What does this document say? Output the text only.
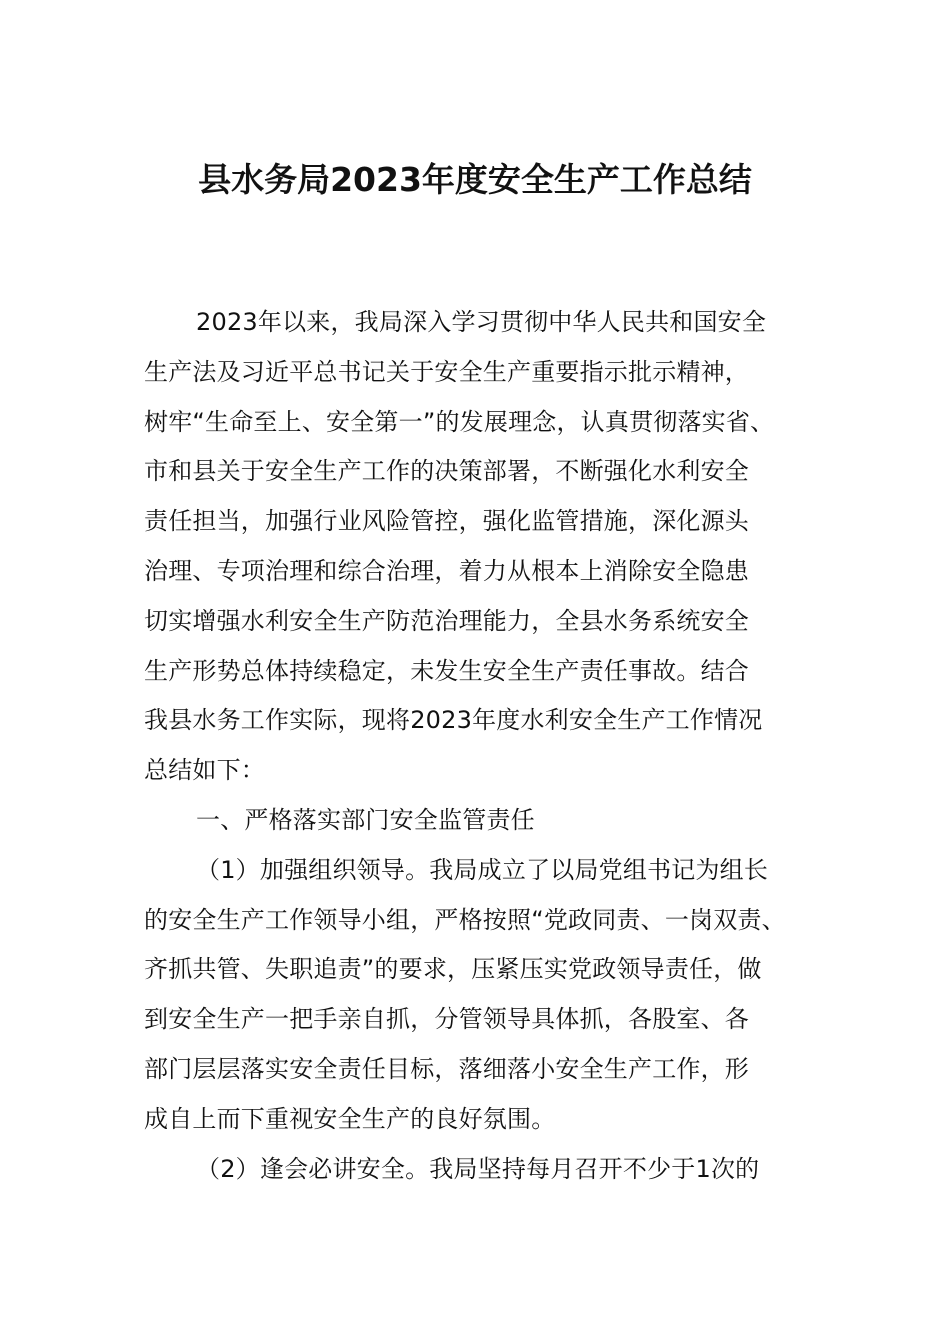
县水务局2023年度安全生产工作总结
2023年以来，我局深入学习贯彻中华人民共和国安全
生产法及习近平总书记关于安全生产重要指示批示精神，
树牢“生命至上、安全第一”的发展理念，认真贯彻落实省、
市和县关于安全生产工作的决策部署，不断强化水利安全
责任担当，加强行业风险管控，强化监管措施，深化源头
治理、专项治理和综合治理，着力从根本上消除安全隐患
切实增强水利安全生产防范治理能力，全县水务系统安全
生产形势总体持续稳定，未发生安全生产责任事故。结合
我县水务工作实际，现将2023年度水利安全生产工作情况
总结如下：
一、严格落实部门安全监管责任
（1）加强组织领导。我局成立了以局党组书记为组长
的安全生产工作领导小组，严格按照“党政同责、一岗双责、
齐抓共管、失职追责”的要求，压紧压实党政领导责任，做
到安全生产一把手亲自抓，分管领导具体抓，各股室、各
部门层层落实安全责任目标，落细落小安全生产工作，形
成自上而下重视安全生产的良好氛围。
（2）逢会必讲安全。我局坚持每月召开不少于1次的
